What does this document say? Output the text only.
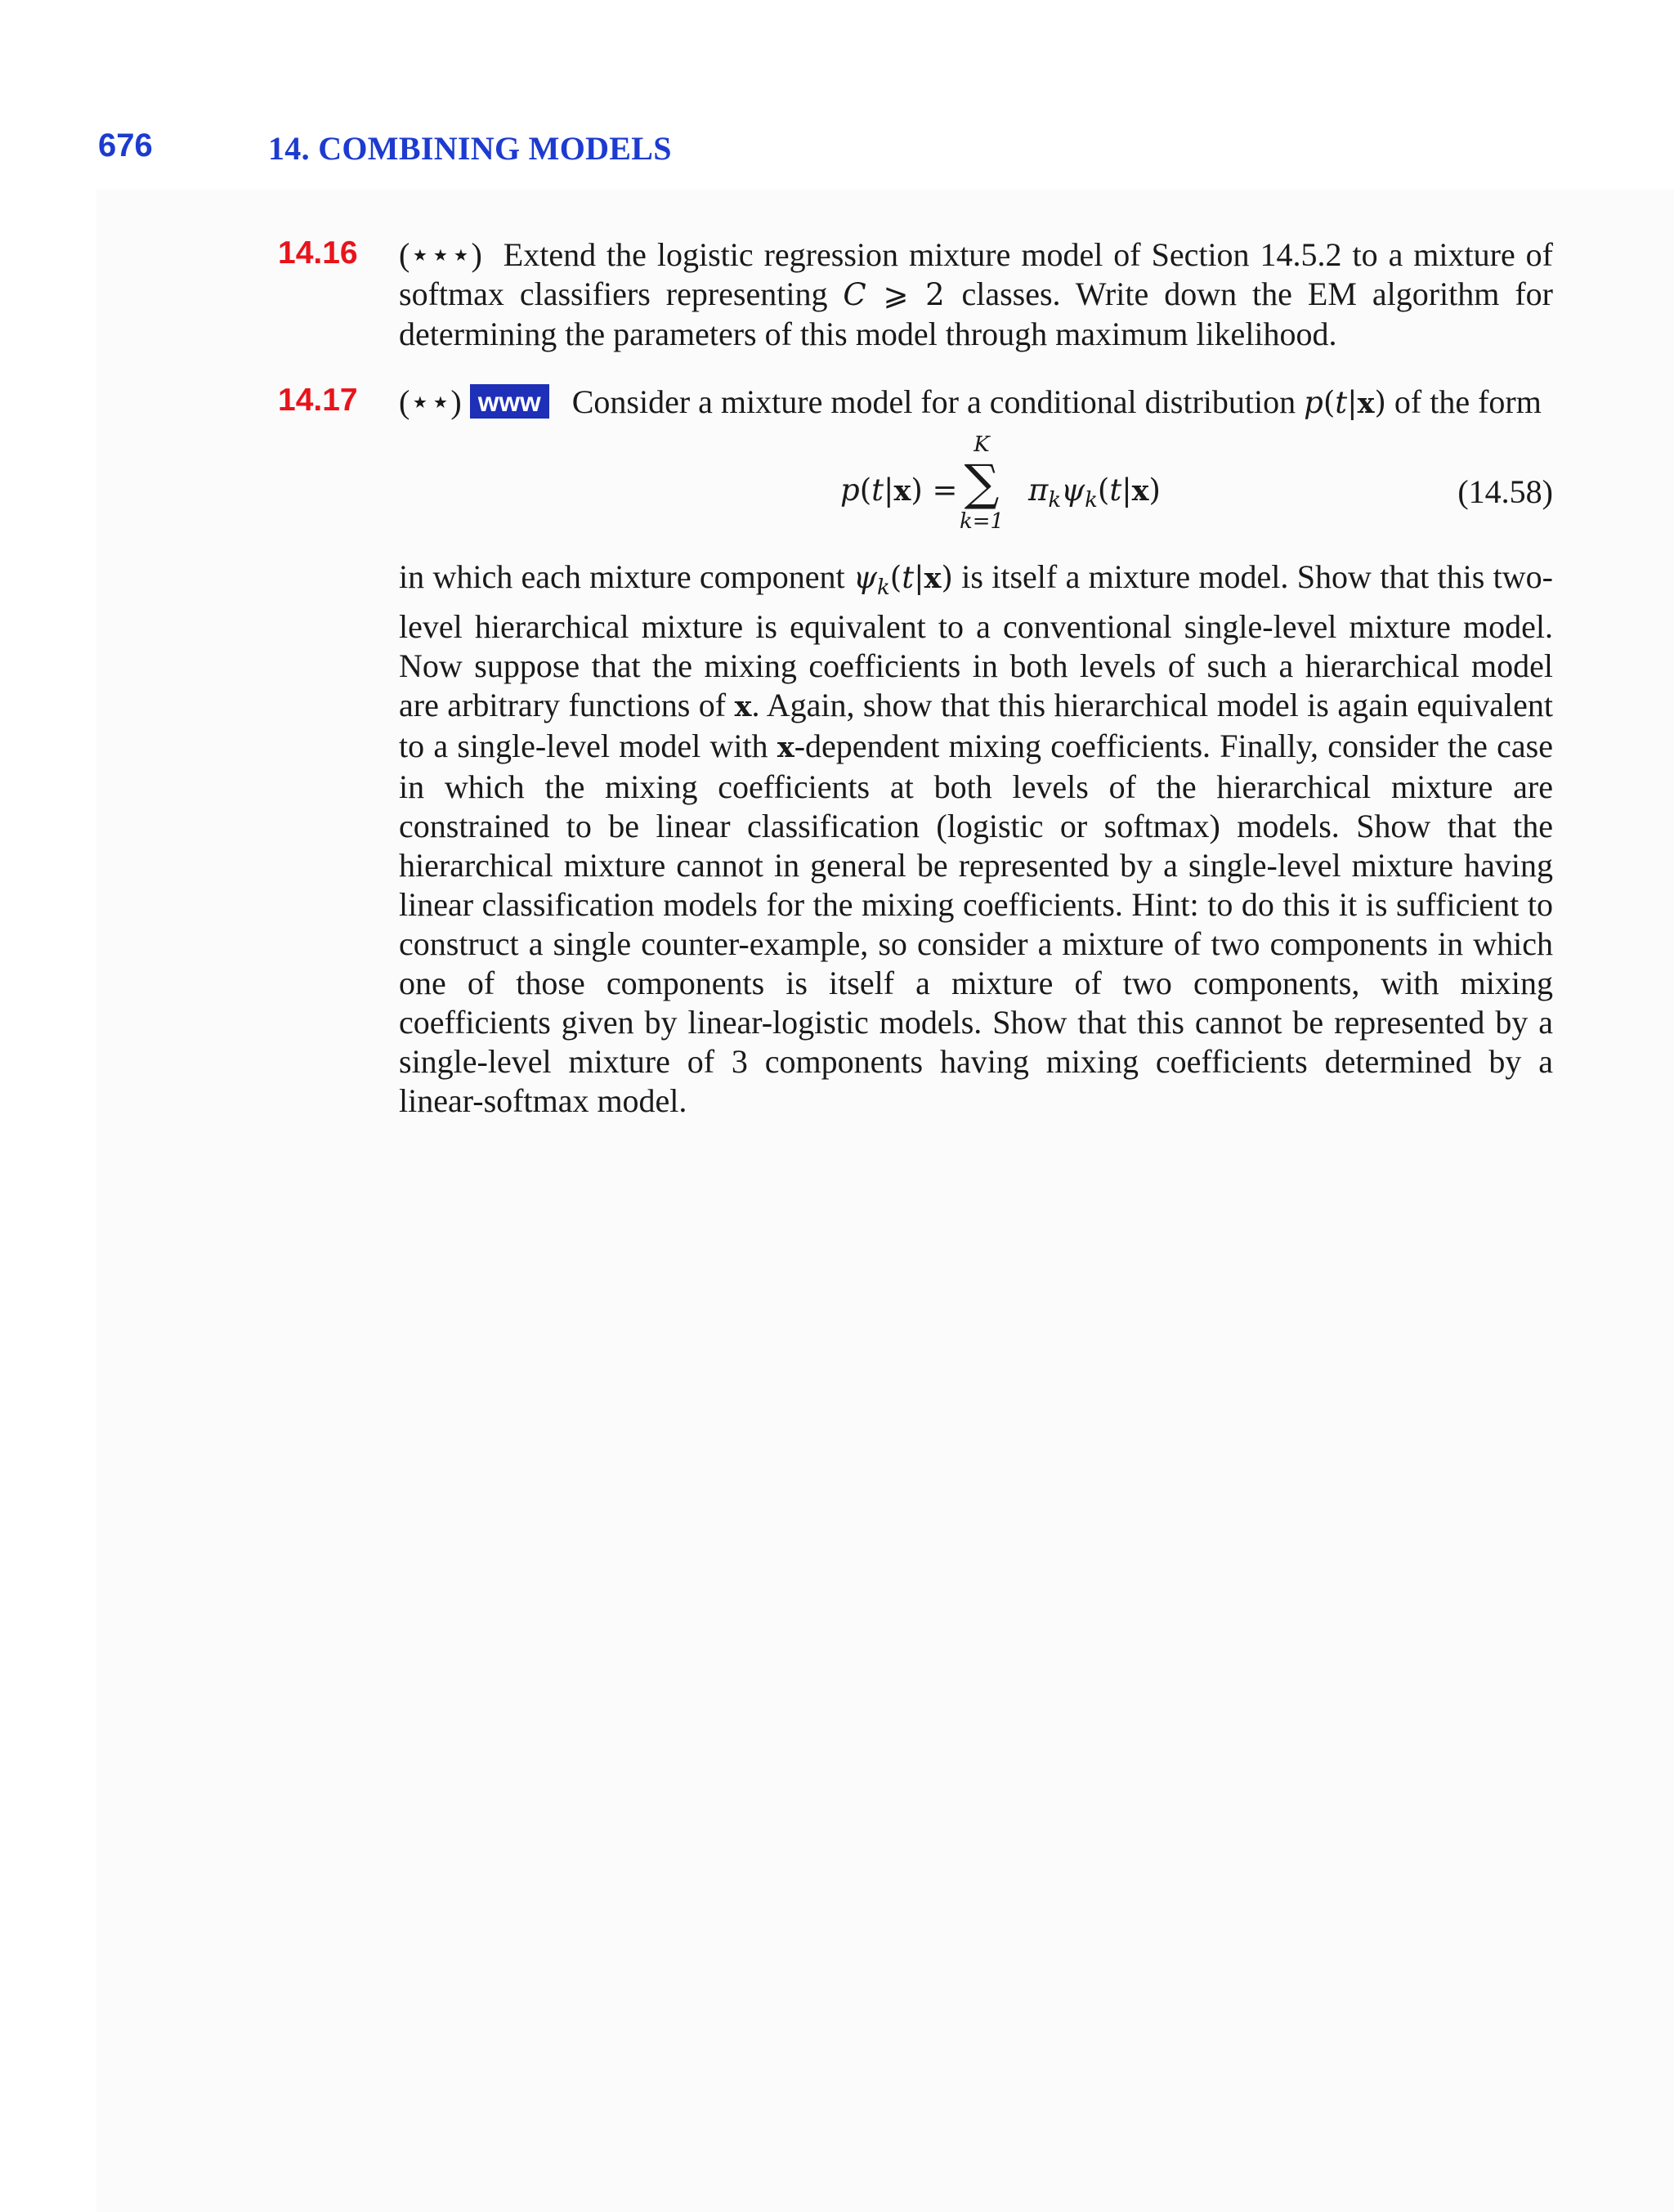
676	14. COMBINING MODELS
14.16 (⋆⋆⋆) Extend the logistic regression mixture model of Section 14.5.2 to a mixture of softmax classifiers representing C ⩾ 2 classes. Write down the EM algorithm for determining the parameters of this model through maximum likelihood.

14.17 (⋆⋆) www Consider a mixture model for a conditional distribution p(t|x) of the form

p(t|x) =
K
∑
k=1
$\pi_k\psi_k(t|x)$	(14.58)

in which each mixture component $\psi_k(t|x)$ is itself a mixture model. Show that this two-level hierarchical mixture is equivalent to a conventional single-level mixture model. Now suppose that the mixing coefficients in both levels of such a hierarchical model are arbitrary functions of x. Again, show that this hierarchical model is again equivalent to a single-level model with x-dependent mixing coefficients. Finally, consider the case in which the mixing coefficients at both levels of the hierarchical mixture are constrained to be linear classification (logistic or softmax) models. Show that the hierarchical mixture cannot in general be represented by a single-level mixture having linear classification models for the mixing coefficients. Hint: to do this it is sufficient to construct a single counter-example, so consider a mixture of two components in which one of those components is itself a mixture of two components, with mixing coefficients given by linear-logistic models. Show that this cannot be represented by a single-level mixture of 3 components having mixing coefficients determined by a linear-softmax model.
